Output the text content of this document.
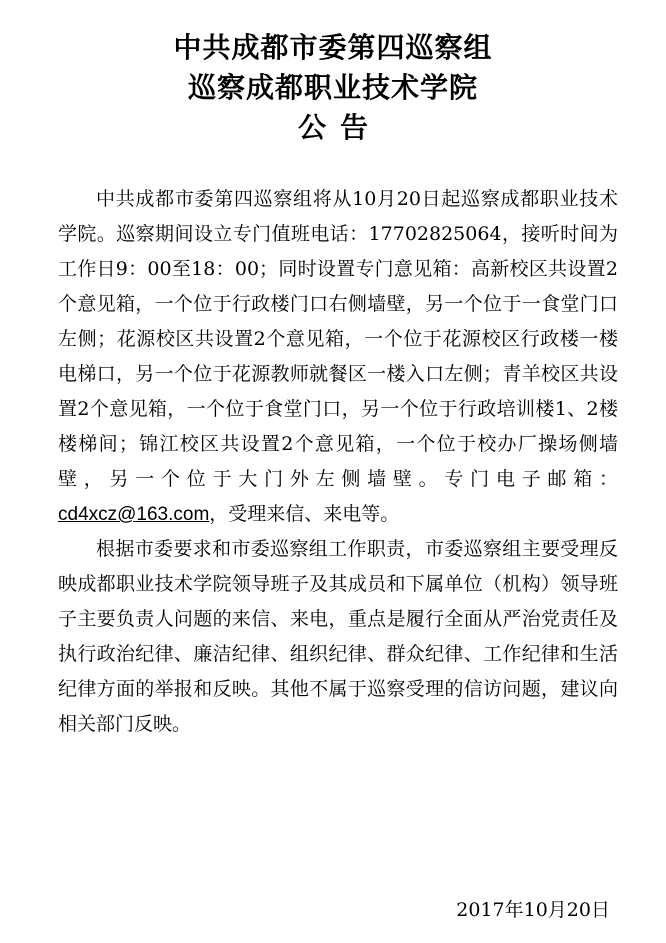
中共成都市委第四巡察组
巡察成都职业技术学院
公告

中共成都市委第四巡察组将从10月20日起巡察成都职业技术学院。巡察期间设立专门值班电话：17702825064，接听时间为工作日9：00至18：00；同时设置专门意见箱：高新校区共设置2个意见箱，一个位于行政楼门口右侧墙壁，另一个位于一食堂门口左侧；花源校区共设置2个意见箱，一个位于花源校区行政楼一楼电梯口，另一个位于花源教师就餐区一楼入口左侧；青羊校区共设置2个意见箱，一个位于食堂门口，另一个位于行政培训楼1、2楼楼梯间；锦江校区共设置2个意见箱，一个位于校办厂操场侧墙壁，另一个位于大门外左侧墙壁。专门电子邮箱：cd4xcz@163.com，受理来信、来电等。

根据市委要求和市委巡察组工作职责，市委巡察组主要受理反映成都职业技术学院领导班子及其成员和下属单位（机构）领导班子主要负责人问题的来信、来电，重点是履行全面从严治党责任及执行政治纪律、廉洁纪律、组织纪律、群众纪律、工作纪律和生活纪律方面的举报和反映。其他不属于巡察受理的信访问题，建议向相关部门反映。

2017年10月20日
